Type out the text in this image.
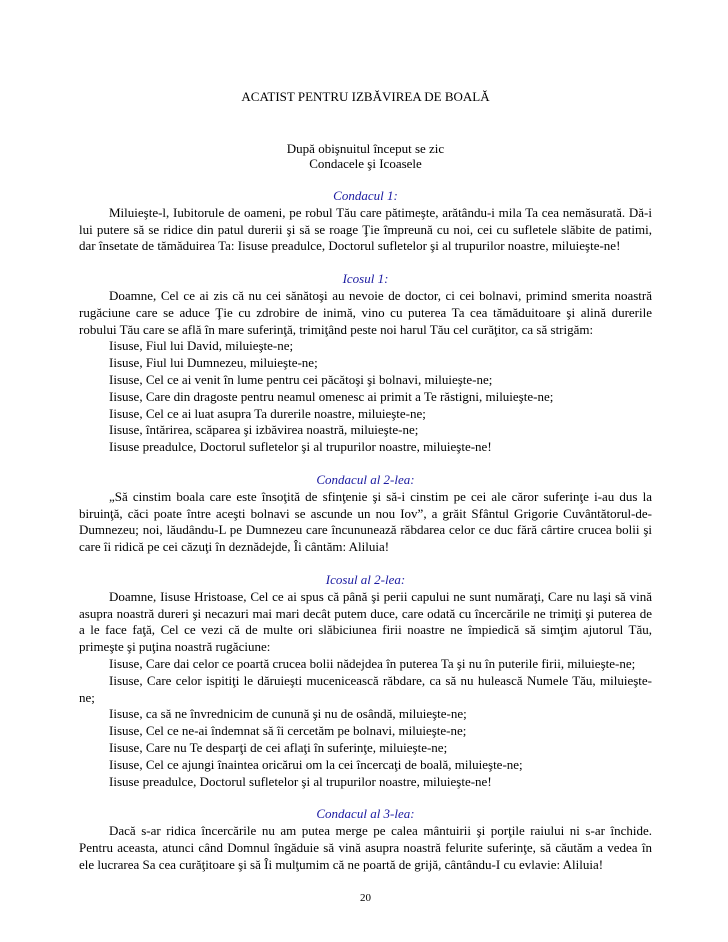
ACATIST PENTRU IZBĂVIREA DE BOALĂ
După obişnuitul început se zic
Condacele şi Icoasele
Condacul 1:
Miluieşte-l, Iubitorule de oameni, pe robul Tău care pătimeşte, arătându-i mila Ta cea nemăsurată. Dă-i lui putere să se ridice din patul durerii şi să se roage Ţie împreună cu noi, cei cu sufletele slăbite de patimi, dar însetate de tămăduirea Ta: Iisuse preadulce, Doctorul sufletelor şi al trupurilor noastre, miluieşte-ne!
Icosul 1:
Doamne, Cel ce ai zis că nu cei sănătoşi au nevoie de doctor, ci cei bolnavi, primind smerita noastră rugăciune care se aduce Ţie cu zdrobire de inimă, vino cu puterea Ta cea tămăduitoare şi alină durerile robului Tău care se află în mare suferinţă, trimiţând peste noi harul Tău cel curăţitor, ca să strigăm:
Iisuse, Fiul lui David, miluieşte-ne;
Iisuse, Fiul lui Dumnezeu, miluieşte-ne;
Iisuse, Cel ce ai venit în lume pentru cei păcătoşi şi bolnavi, miluieşte-ne;
Iisuse, Care din dragoste pentru neamul omenesc ai primit a Te răstigni, miluieşte-ne;
Iisuse, Cel ce ai luat asupra Ta durerile noastre, miluieşte-ne;
Iisuse, întărirea, scăparea şi izbăvirea noastră, miluieşte-ne;
Iisuse preadulce, Doctorul sufletelor şi al trupurilor noastre, miluieşte-ne!
Condacul al 2-lea:
„Să cinstim boala care este însoţită de sfinţenie şi să-i cinstim pe cei ale căror suferinţe i-au dus la biruinţă, căci poate între aceşti bolnavi se ascunde un nou Iov”, a grăit Sfântul Grigorie Cuvântătorul-de-Dumnezeu; noi, lăudându-L pe Dumnezeu care încununează răbdarea celor ce duc fără cârtire crucea bolii şi care îi ridică pe cei căzuţi în deznădejde, Îi cântăm: Aliluia!
Icosul al 2-lea:
Doamne, Iisuse Hristoase, Cel ce ai spus că până şi perii capului ne sunt număraţi, Care nu laşi să vină asupra noastră dureri şi necazuri mai mari decât putem duce, care odată cu încercările ne trimiţi şi puterea de a le face faţă, Cel ce vezi că de multe ori slăbiciunea firii noastre ne împiedică să simţim ajutorul Tău, primeşte şi puţina noastră rugăciune:
Iisuse, Care dai celor ce poartă crucea bolii nădejdea în puterea Ta şi nu în puterile firii, miluieşte-ne;
Iisuse, Care celor ispitiţi le dăruieşti mucenicească răbdare, ca să nu hulească Numele Tău, miluieşte-ne;
Iisuse, ca să ne învrednicim de cunună şi nu de osândă, miluieşte-ne;
Iisuse, Cel ce ne-ai îndemnat să îi cercetăm pe bolnavi, miluieşte-ne;
Iisuse, Care nu Te desparţi de cei aflaţi în suferinţe, miluieşte-ne;
Iisuse, Cel ce ajungi înaintea oricărui om la cei încercaţi de boală, miluieşte-ne;
Iisuse preadulce, Doctorul sufletelor şi al trupurilor noastre, miluieşte-ne!
Condacul al 3-lea:
Dacă s-ar ridica încercările nu am putea merge pe calea mântuirii şi porţile raiului ni s-ar închide. Pentru aceasta, atunci când Domnul îngăduie să vină asupra noastră felurite suferinţe, să căutăm a vedea în ele lucrarea Sa cea curăţitoare şi să Îi mulţumim că ne poartă de grijă, cântându-I cu evlavie: Aliluia!
20
